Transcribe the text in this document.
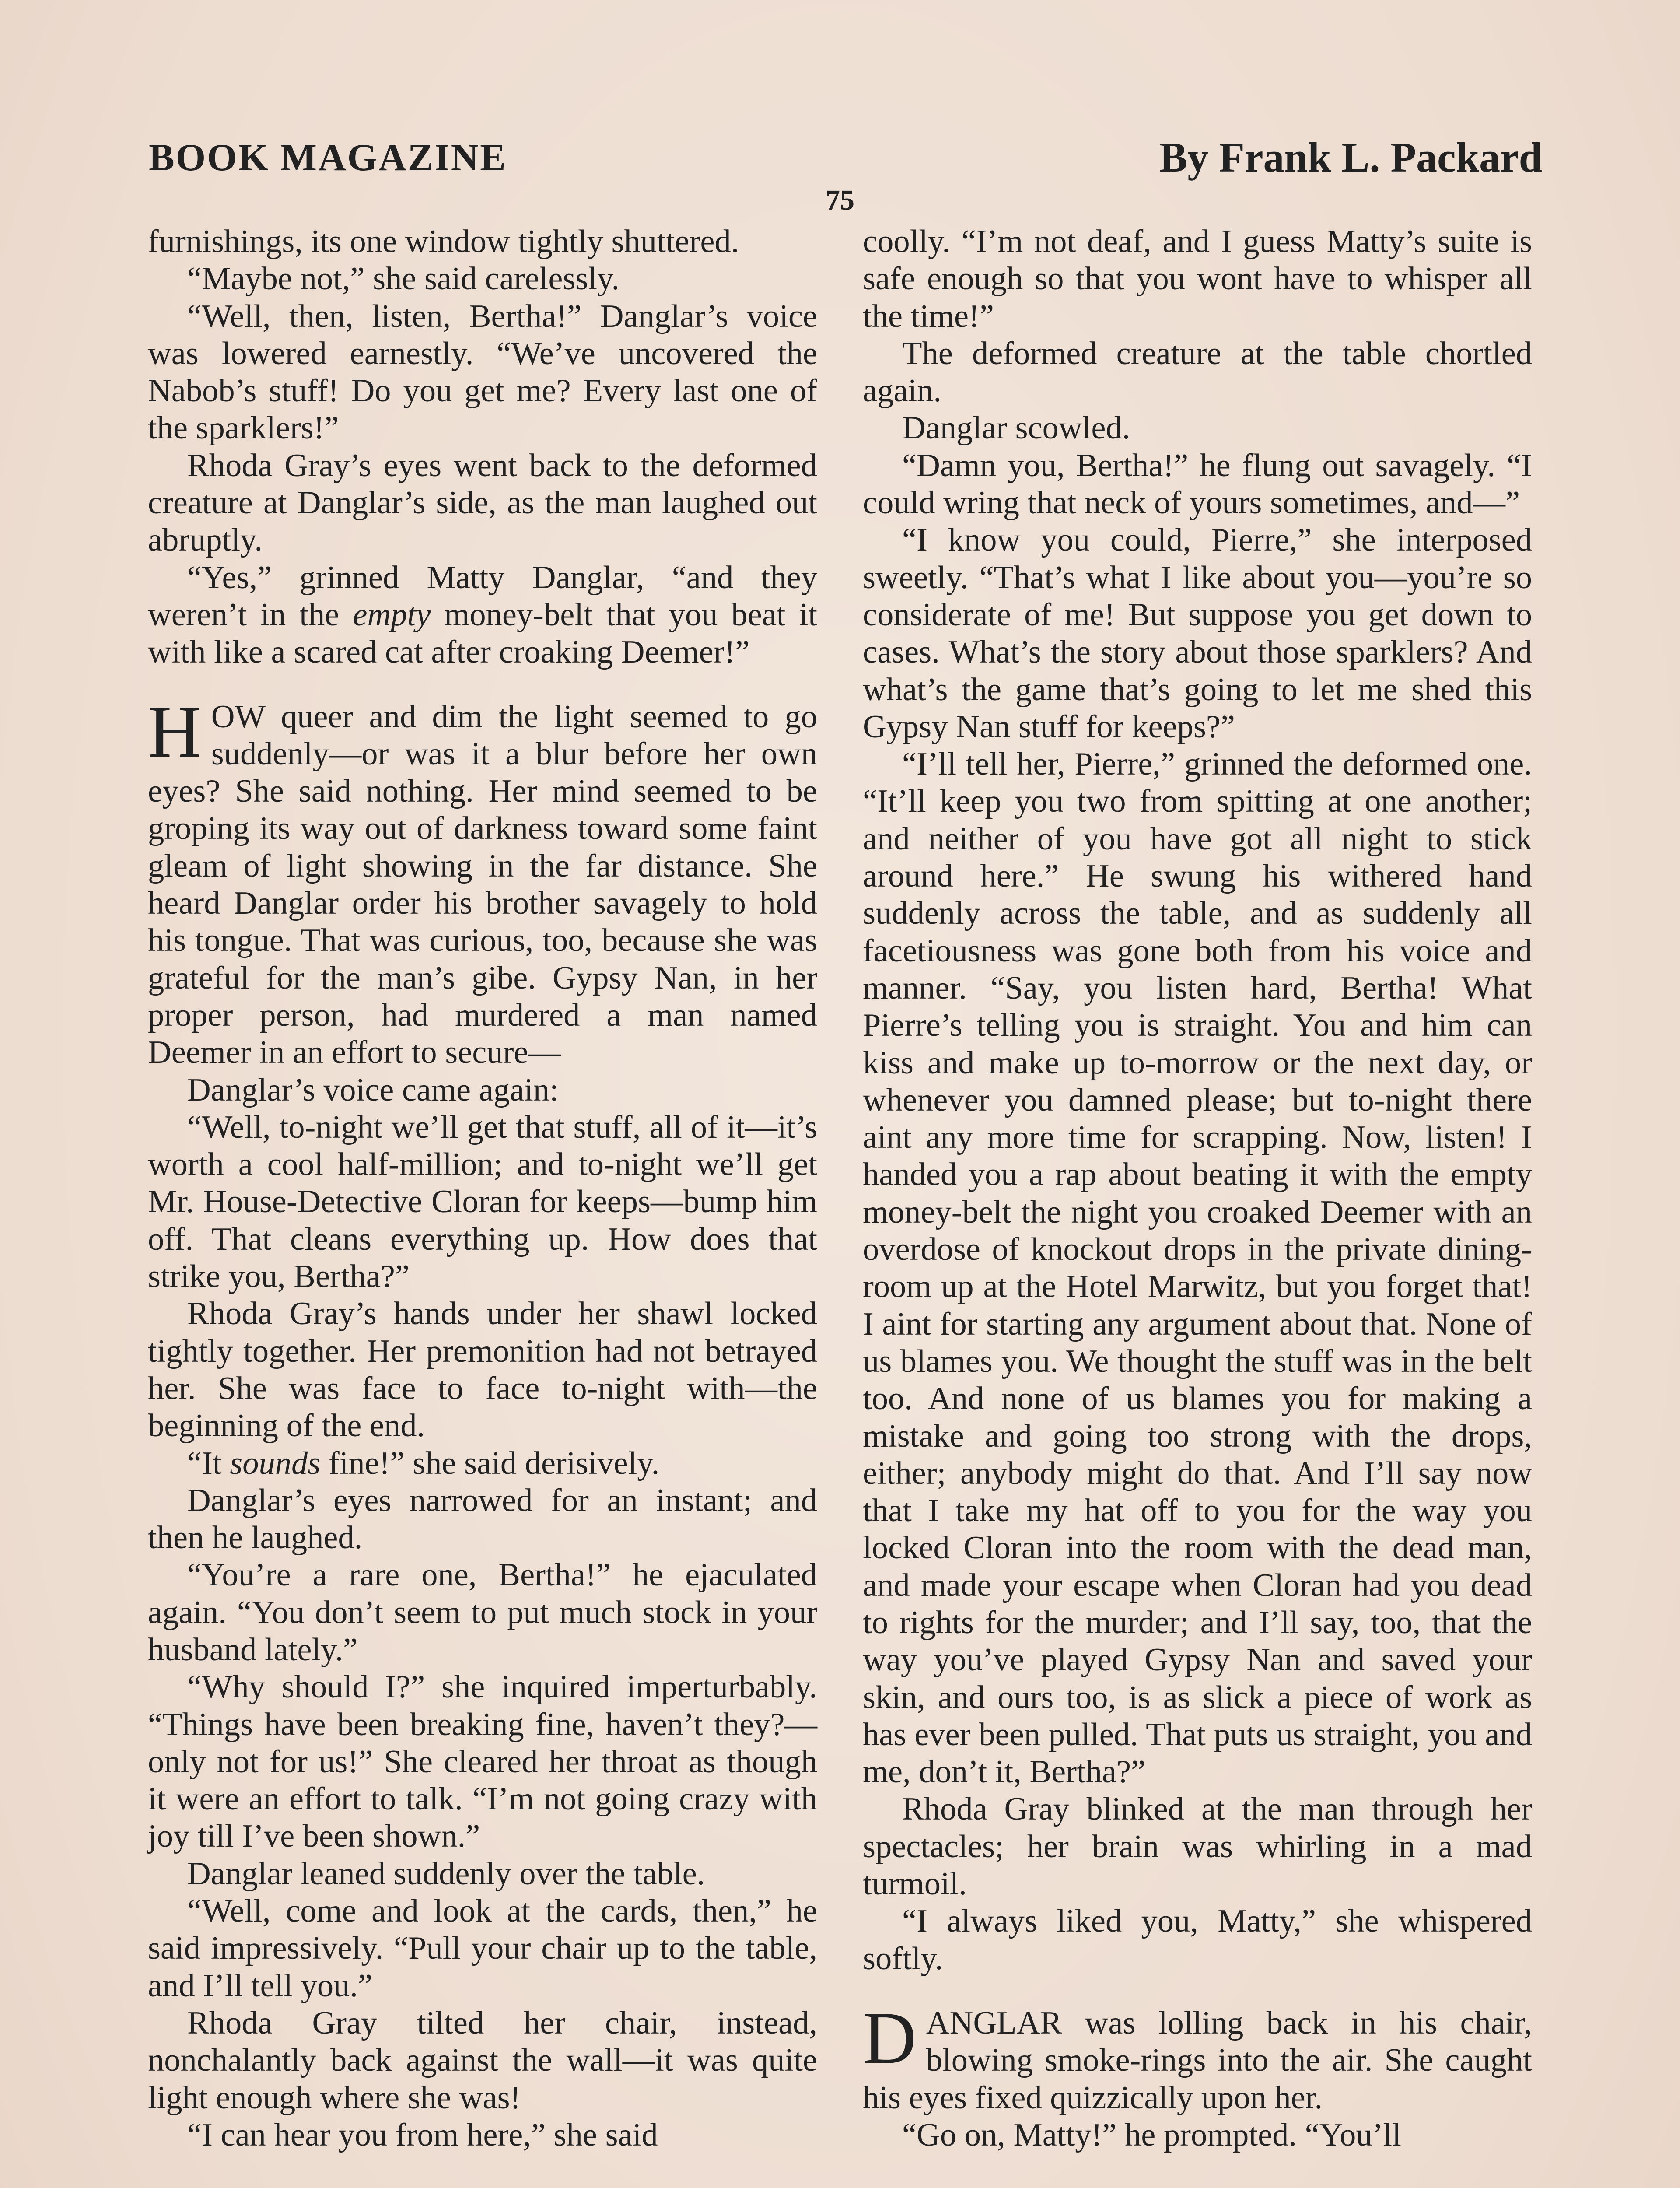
BOOK MAGAZINE	By Frank L. Packard
75

furnishings, its one window tightly shuttered.

“Maybe not,” she said carelessly.

“Well, then, listen, Bertha!” Danglar’s voice was lowered earnestly. “We’ve uncovered the Nabob’s stuff! Do you get me? Every last one of the sparklers!”

Rhoda Gray’s eyes went back to the deformed creature at Danglar’s side, as the man laughed out abruptly.

“Yes,” grinned Matty Danglar, “and they weren’t in the empty money-belt that you beat it with like a scared cat after croaking Deemer!”

HOW queer and dim the light seemed to go suddenly—or was it a blur before her own eyes? She said nothing. Her mind seemed to be groping its way out of darkness toward some faint gleam of light showing in the far distance. She heard Danglar order his brother savagely to hold his tongue. That was curious, too, because she was grateful for the man’s gibe. Gypsy Nan, in her proper person, had murdered a man named Deemer in an effort to secure—

Danglar’s voice came again:

“Well, to-night we’ll get that stuff, all of it—it’s worth a cool half-million; and to-night we’ll get Mr. House-Detective Cloran for keeps—bump him off. That cleans everything up. How does that strike you, Bertha?”

Rhoda Gray’s hands under her shawl locked tightly together. Her premonition had not betrayed her. She was face to face to-night with—the beginning of the end.

“It sounds fine!” she said derisively.

Danglar’s eyes narrowed for an instant; and then he laughed.

“You’re a rare one, Bertha!” he ejaculated again. “You don’t seem to put much stock in your husband lately.”

“Why should I?” she inquired imperturbably. “Things have been breaking fine, haven’t they?—only not for us!” She cleared her throat as though it were an effort to talk. “I’m not going crazy with joy till I’ve been shown.”

Danglar leaned suddenly over the table.

“Well, come and look at the cards, then,” he said impressively. “Pull your chair up to the table, and I’ll tell you.”

Rhoda Gray tilted her chair, instead, nonchalantly back against the wall—it was quite light enough where she was!

“I can hear you from here,” she said

coolly. “I’m not deaf, and I guess Matty’s suite is safe enough so that you wont have to whisper all the time!”

The deformed creature at the table chortled again.

Danglar scowled.

“Damn you, Bertha!” he flung out savagely. “I could wring that neck of yours sometimes, and—”

“I know you could, Pierre,” she interposed sweetly. “That’s what I like about you—you’re so considerate of me! But suppose you get down to cases. What’s the story about those sparklers? And what’s the game that’s going to let me shed this Gypsy Nan stuff for keeps?”

“I’ll tell her, Pierre,” grinned the deformed one. “It’ll keep you two from spitting at one another; and neither of you have got all night to stick around here.” He swung his withered hand suddenly across the table, and as suddenly all facetiousness was gone both from his voice and manner. “Say, you listen hard, Bertha! What Pierre’s telling you is straight. You and him can kiss and make up to-morrow or the next day, or whenever you damned please; but to-night there aint any more time for scrapping. Now, listen! I handed you a rap about beating it with the empty money-belt the night you croaked Deemer with an overdose of knockout drops in the private dining-room up at the Hotel Marwitz, but you forget that! I aint for starting any argument about that. None of us blames you. We thought the stuff was in the belt too. And none of us blames you for making a mistake and going too strong with the drops, either; anybody might do that. And I’ll say now that I take my hat off to you for the way you locked Cloran into the room with the dead man, and made your escape when Cloran had you dead to rights for the murder; and I’ll say, too, that the way you’ve played Gypsy Nan and saved your skin, and ours too, is as slick a piece of work as has ever been pulled. That puts us straight, you and me, don’t it, Bertha?”

Rhoda Gray blinked at the man through her spectacles; her brain was whirling in a mad turmoil.

“I always liked you, Matty,” she whispered softly.

DANGLAR was lolling back in his chair, blowing smoke-rings into the air. She caught his eyes fixed quizzically upon her.

“Go on, Matty!” he prompted. “You’ll
